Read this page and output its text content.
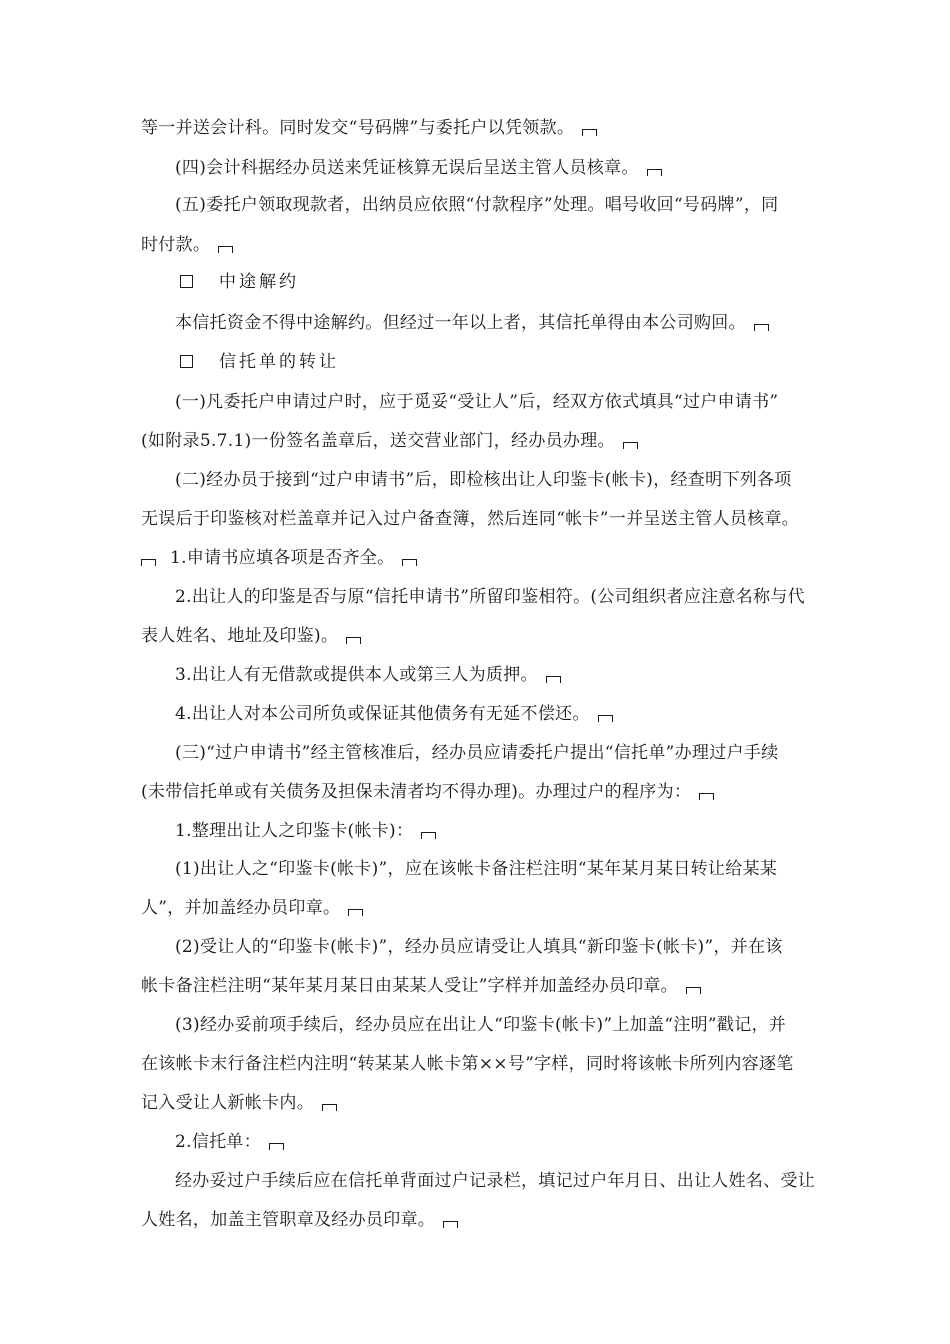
等一并送会计科。同时发交“号码牌”与委托户以凭领款。
(四)会计科据经办员送来凭证核算无误后呈送主管人员核章。
(五)委托户领取现款者，出纳员应依照“付款程序”处理。唱号收回“号码牌”，同
时付款。
中途解约
本信托资金不得中途解约。但经过一年以上者，其信托单得由本公司购回。
信托单的转让
(一)凡委托户申请过户时，应于觅妥“受让人”后，经双方依式填具“过户申请书”
(如附录5.7.1)一份签名盖章后，送交营业部门，经办员办理。
(二)经办员于接到“过户申请书”后，即检核出让人印鉴卡(帐卡)，经查明下列各项
无误后于印鉴核对栏盖章并记入过户备查簿，然后连同“帐卡”一并呈送主管人员核章。
1.申请书应填各项是否齐全。
2.出让人的印鉴是否与原“信托申请书”所留印鉴相符。(公司组织者应注意名称与代
表人姓名、地址及印鉴)。
3.出让人有无借款或提供本人或第三人为质押。
4.出让人对本公司所负或保证其他债务有无延不偿还。
(三)“过户申请书”经主管核准后，经办员应请委托户提出“信托单”办理过户手续
(未带信托单或有关债务及担保未清者均不得办理)。办理过户的程序为：
1.整理出让人之印鉴卡(帐卡)：
(1)出让人之“印鉴卡(帐卡)”，应在该帐卡备注栏注明“某年某月某日转让给某某
人”，并加盖经办员印章。
(2)受让人的“印鉴卡(帐卡)”，经办员应请受让人填具“新印鉴卡(帐卡)”，并在该
帐卡备注栏注明“某年某月某日由某某人受让”字样并加盖经办员印章。
(3)经办妥前项手续后，经办员应在出让人“印鉴卡(帐卡)”上加盖“注明”戳记，并
在该帐卡末行备注栏内注明“转某某人帐卡第××号”字样，同时将该帐卡所列内容逐笔
记入受让人新帐卡内。
2.信托单：
经办妥过户手续后应在信托单背面过户记录栏，填记过户年月日、出让人姓名、受让
人姓名，加盖主管职章及经办员印章。
